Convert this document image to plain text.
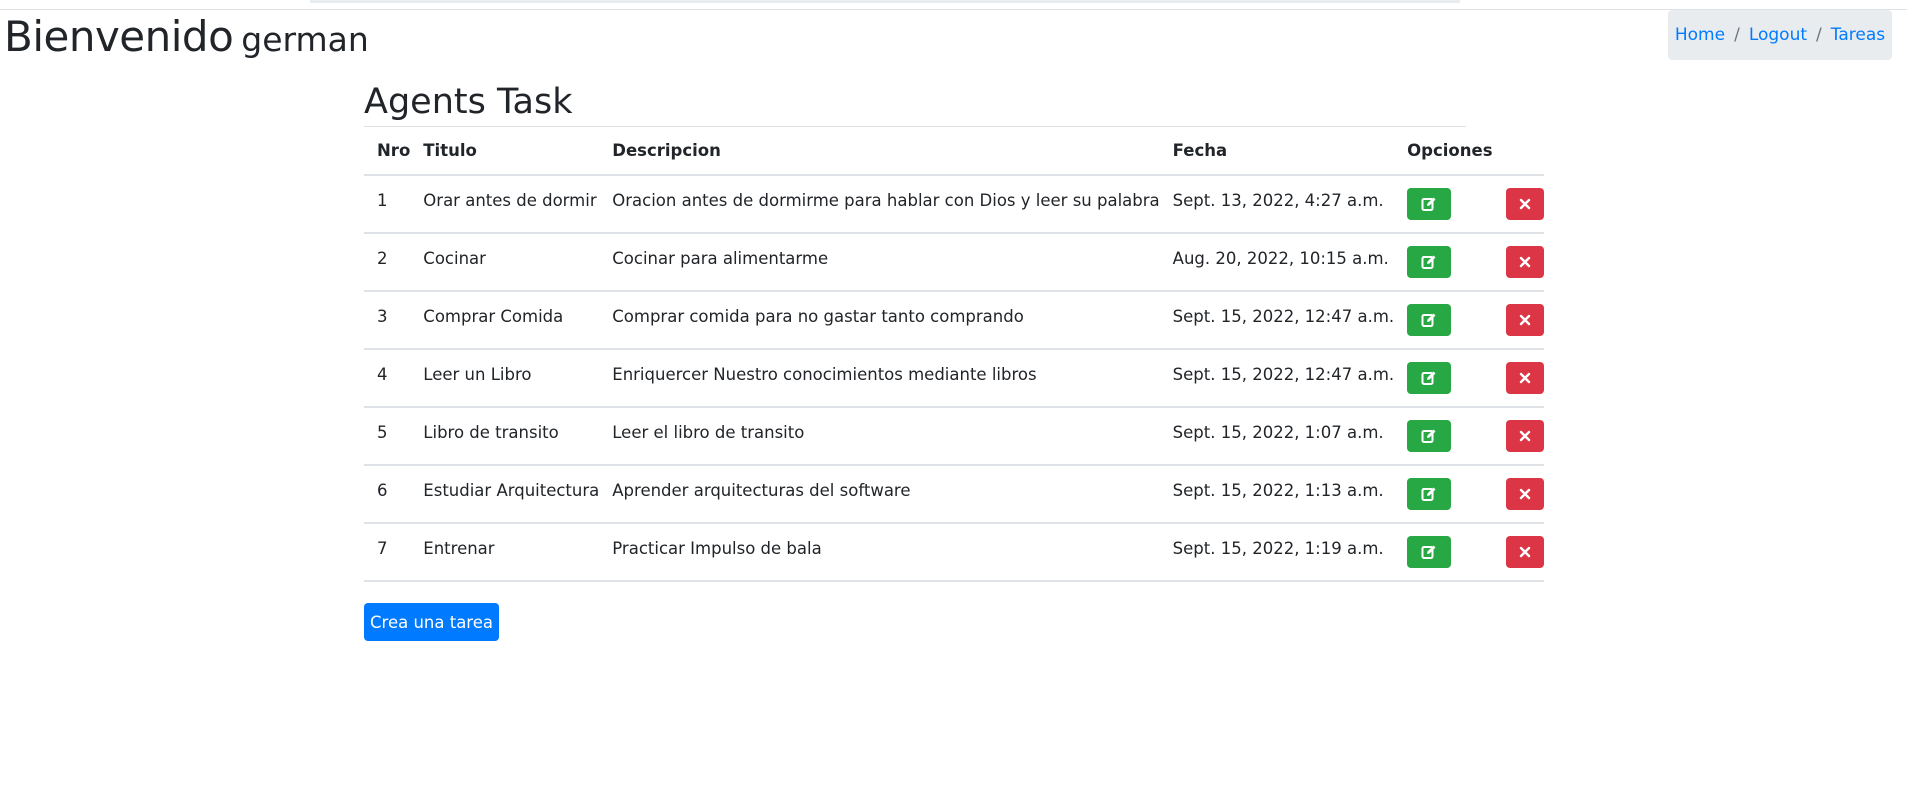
Bienvenido german	Home / Logout / Tareas
Agents Task
Nro	Titulo	Descripcion	Fecha	Opciones	
1	Orar antes de dormir	Oracion antes de dormirme para hablar con Dios y leer su palabra	Sept. 13, 2022, 4:27 a.m.	

2	Cocinar	Cocinar para alimentarme	Aug. 20, 2022, 10:15 a.m.	

3	Comprar Comida	Comprar comida para no gastar tanto comprando	Sept. 15, 2022, 12:47 a.m.	

4	Leer un Libro	Enriquercer Nuestro conocimientos mediante libros	Sept. 15, 2022, 12:47 a.m.	

5	Libro de transito	Leer el libro de transito	Sept. 15, 2022, 1:07 a.m.	

6	Estudiar Arquitectura	Aprender arquitecturas del software	Sept. 15, 2022, 1:13 a.m.	

7	Entrenar	Practicar Impulso de bala	Sept. 15, 2022, 1:19 a.m.	

Crea una tarea
